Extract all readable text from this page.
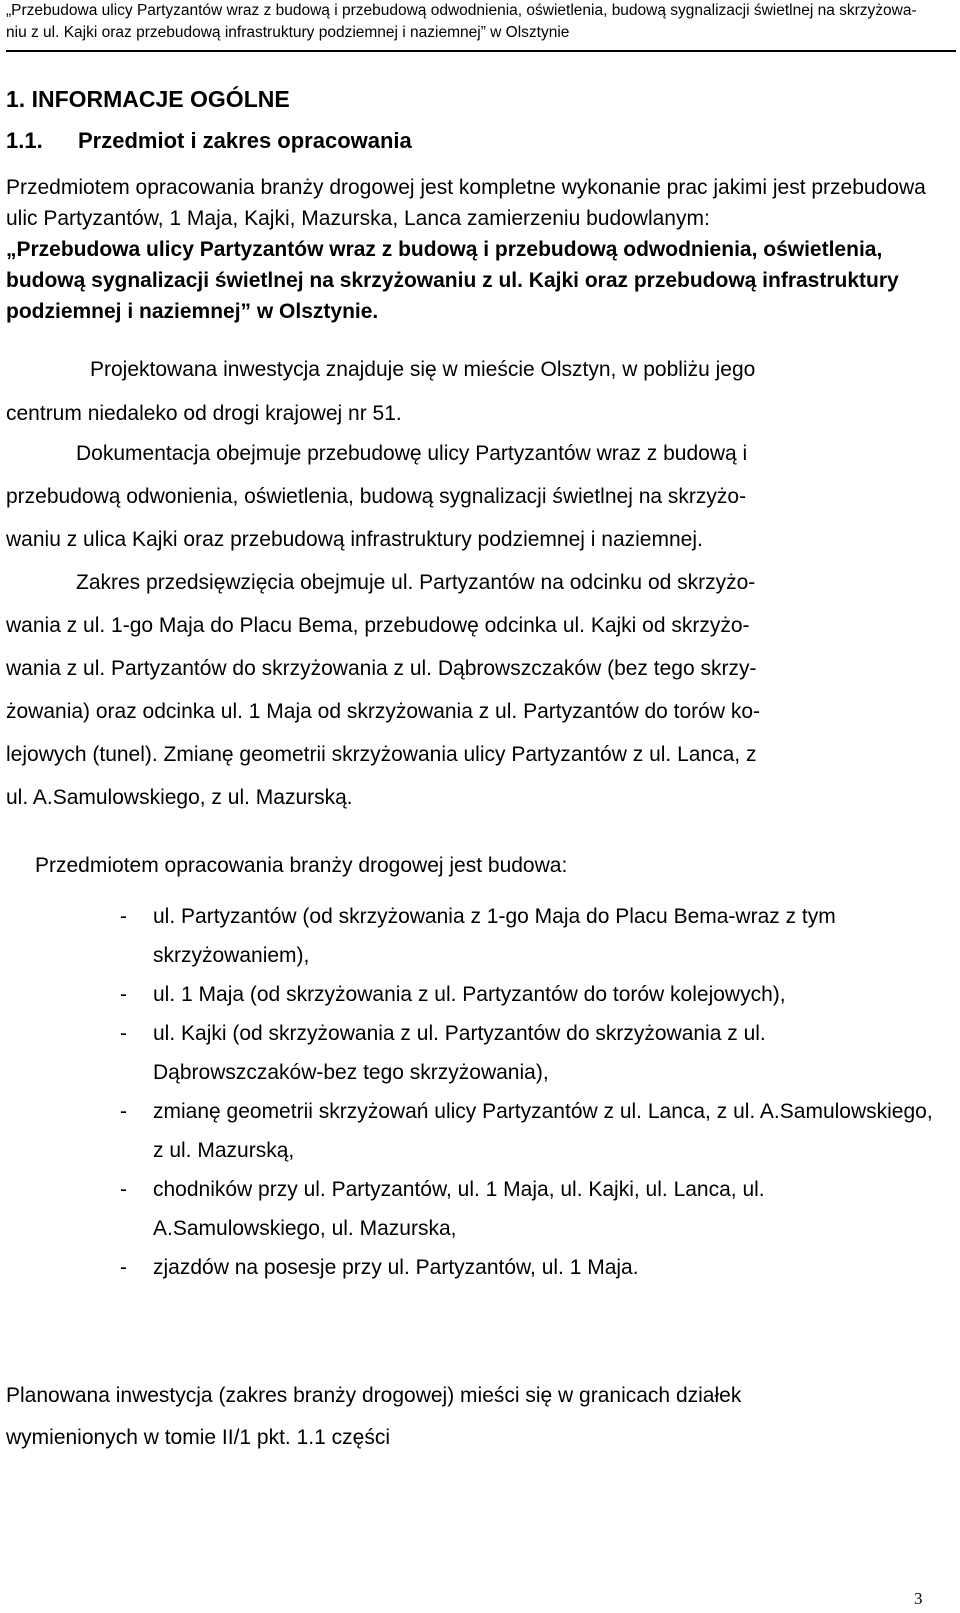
„Przebudowa ulicy Partyzantów wraz z budową i przebudową odwodnienia, oświetlenia, budową sygnalizacji świetlnej na skrzyżowa-
niu z ul. Kajki oraz przebudową infrastruktury podziemnej i naziemnej” w Olsztynie
1. INFORMACJE OGÓLNE
1.1. Przedmiot i zakres opracowania
Przedmiotem opracowania branży drogowej jest kompletne wykonanie prac jakimi jest przebudowa ulic Partyzantów, 1 Maja, Kajki, Mazurska, Lanca zamierzeniu budowlanym:
„Przebudowa ulicy Partyzantów wraz z budową i przebudową odwodnienia, oświetlenia, budową sygnalizacji świetlnej na skrzyżowaniu z ul. Kajki oraz przebudową infrastruktury podziemnej i naziemnej” w Olsztynie.
Projektowana inwestycja znajduje się w mieście Olsztyn, w pobliżu jego
centrum niedaleko od drogi krajowej nr 51.
Dokumentacja obejmuje przebudowę ulicy Partyzantów wraz z budową i
przebudową odwonienia, oświetlenia, budową sygnalizacji świetlnej na skrzyżo-
waniu z ulica Kajki oraz przebudową infrastruktury podziemnej i naziemnej.
Zakres przedsięwzięcia obejmuje ul. Partyzantów na odcinku od skrzyżo-
wania z ul. 1-go Maja do Placu Bema, przebudowę odcinka ul. Kajki od skrzyżo-
wania z ul. Partyzantów do skrzyżowania z ul. Dąbrowszczaków (bez tego skrzy-
żowania) oraz odcinka ul. 1 Maja od skrzyżowania z ul. Partyzantów do torów ko-
lejowych (tunel). Zmianę geometrii skrzyżowania ulicy Partyzantów z ul. Lanca, z
ul. A.Samulowskiego, z ul. Mazurską.
Przedmiotem opracowania branży drogowej jest budowa:
- ul. Partyzantów (od skrzyżowania z 1-go Maja do Placu Bema-wraz z tym skrzyżowaniem),
- ul. 1 Maja (od skrzyżowania z ul. Partyzantów do torów kolejowych),
- ul. Kajki (od skrzyżowania z ul. Partyzantów do skrzyżowania z ul. Dąbrowszczaków-bez tego skrzyżowania),
- zmianę geometrii skrzyżowań ulicy Partyzantów z ul. Lanca, z ul. A.Samulowskiego, z ul. Mazurską,
- chodników przy ul. Partyzantów, ul. 1 Maja, ul. Kajki, ul. Lanca, ul. A.Samulowskiego, ul. Mazurska,
- zjazdów na posesje przy ul. Partyzantów, ul. 1 Maja.
Planowana inwestycja (zakres branży drogowej) mieści się w granicach działek
wymienionych w tomie II/1 pkt. 1.1 części
3
